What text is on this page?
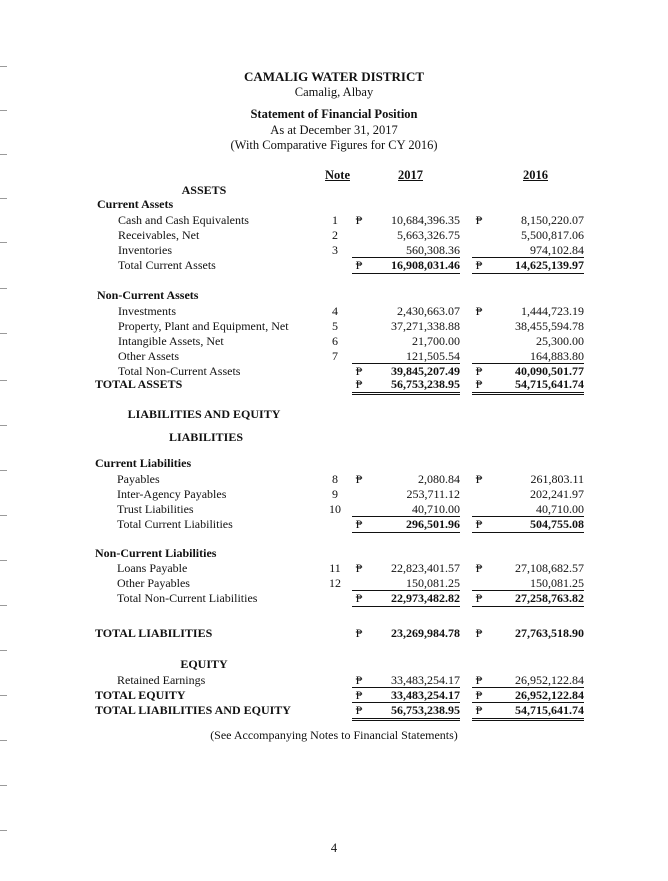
CAMALIG WATER DISTRICT
Camalig, Albay
Statement of Financial Position
As at December 31, 2017
(With Comparative Figures for CY 2016)
Note	2017	2016
ASSETS
Current Assets
Cash and Cash Equivalents	1	₱	10,684,396.35	₱	8,150,220.07
Receivables, Net	2	5,663,326.75	5,500,817.06
Inventories	3	560,308.36	974,102.84
Total Current Assets	₱	16,908,031.46	₱	14,625,139.97
Non-Current Assets
Investments	4	2,430,663.07	₱	1,444,723.19
Property, Plant and Equipment, Net	5	37,271,338.88	38,455,594.78
Intangible Assets, Net	6	21,700.00	25,300.00
Other Assets	7	121,505.54	164,883.80
Total Non-Current Assets	₱	39,845,207.49	₱	40,090,501.77
TOTAL ASSETS	₱	56,753,238.95	₱	54,715,641.74
LIABILITIES AND EQUITY
LIABILITIES
Current Liabilities
Payables	8	₱	2,080.84	₱	261,803.11
Inter-Agency Payables	9	253,711.12	202,241.97
Trust Liabilities	10	40,710.00	40,710.00
Total Current Liabilities	₱	296,501.96	₱	504,755.08
Non-Current Liabilities
Loans Payable	11	₱	22,823,401.57	₱	27,108,682.57
Other Payables	12	150,081.25	150,081.25
Total Non-Current Liabilities	₱	22,973,482.82	₱	27,258,763.82
TOTAL LIABILITIES	₱	23,269,984.78	₱	27,763,518.90
EQUITY
Retained Earnings	₱	33,483,254.17	₱	26,952,122.84
TOTAL EQUITY	₱	33,483,254.17	₱	26,952,122.84
TOTAL LIABILITIES AND EQUITY	₱	56,753,238.95	₱	54,715,641.74
(See Accompanying Notes to Financial Statements)
4
